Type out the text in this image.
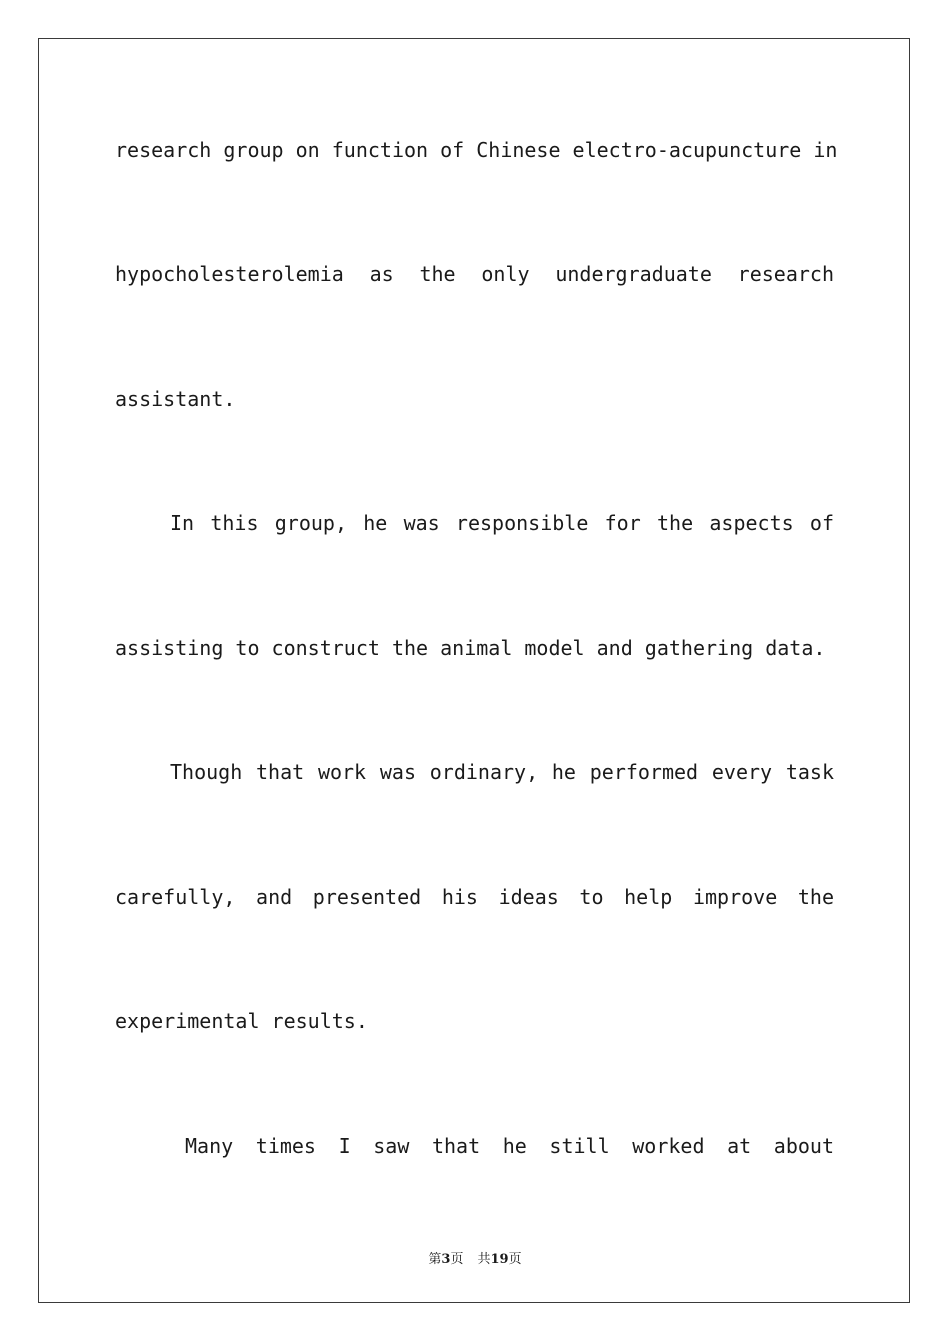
research group on function of Chinese electro-acupuncture in

hypocholesterolemia as the only undergraduate research

assistant.

In this group, he was responsible for the aspects of

assisting to construct the animal model and gathering data.

Though that work was ordinary, he performed every task

carefully, and presented his ideas to help improve the

experimental results.

Many times I saw that he still worked at about

第3页 共19页
